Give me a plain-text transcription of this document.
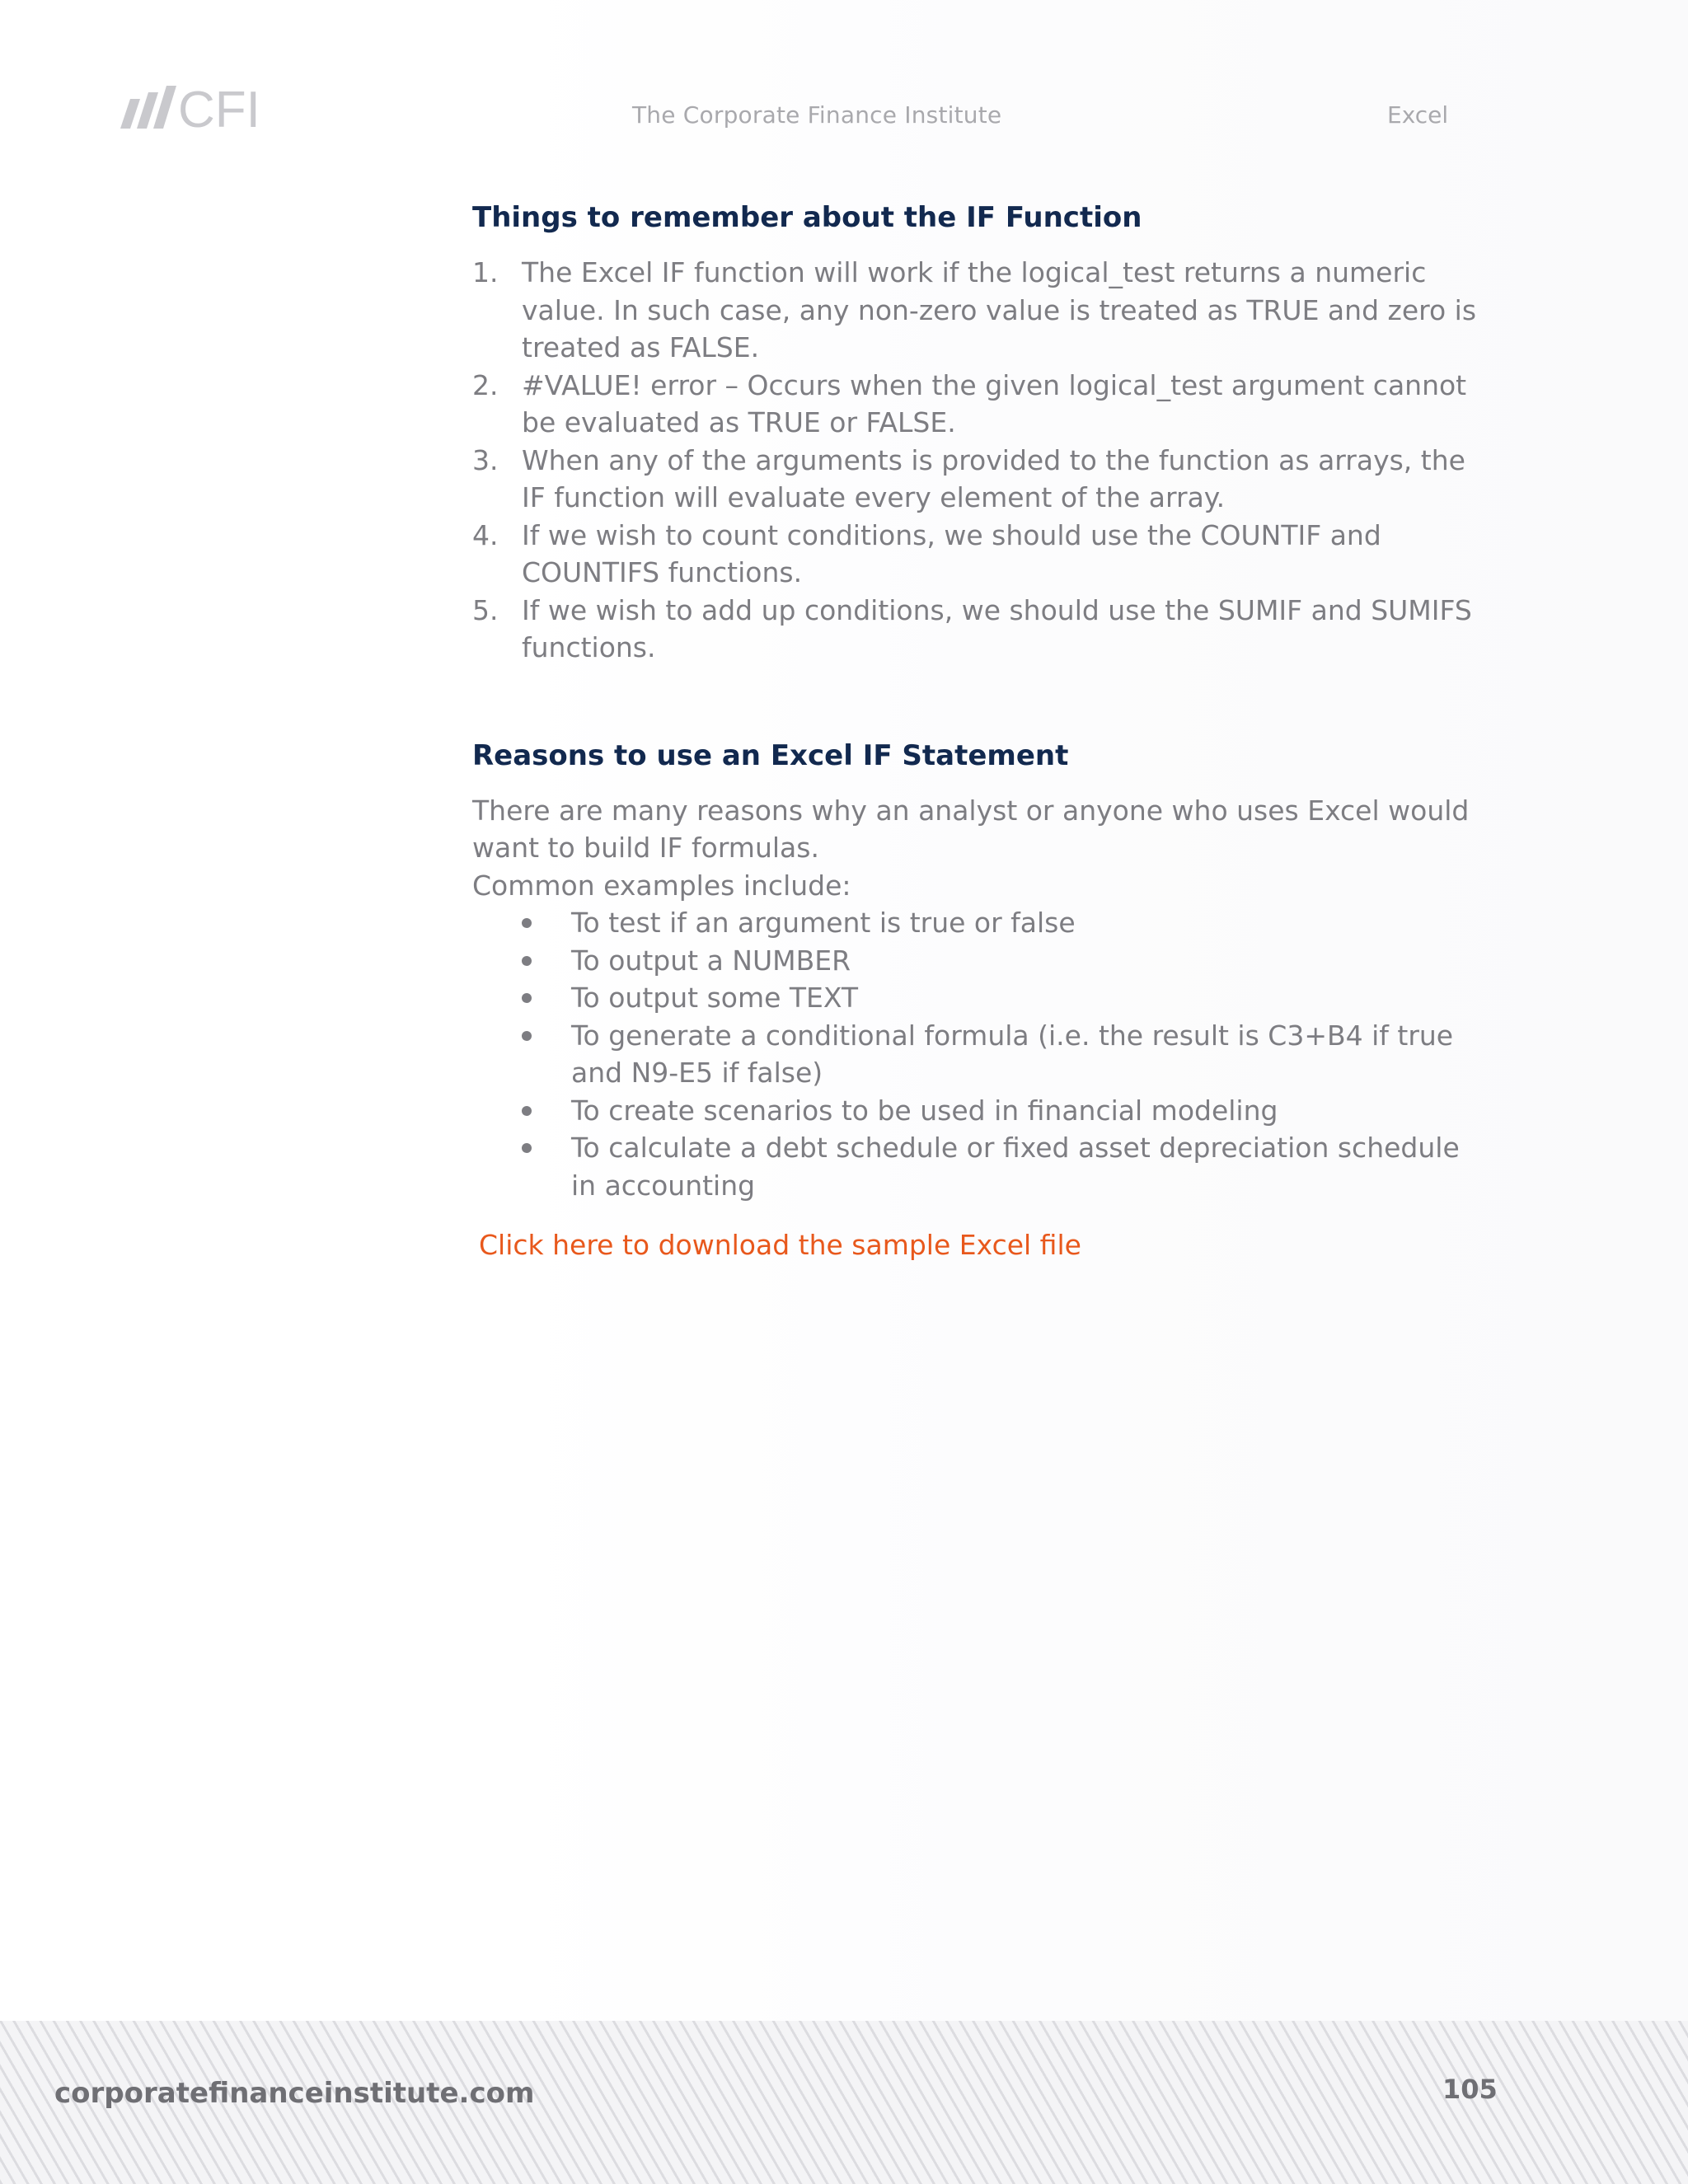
CFI	The Corporate Finance Institute	Excel
Things to remember about the IF Function
1. The Excel IF function will work if the logical_test returns a numeric value. In such case, any non-zero value is treated as TRUE and zero is treated as FALSE.
2. #VALUE! error – Occurs when the given logical_test argument cannot be evaluated as TRUE or FALSE.
3. When any of the arguments is provided to the function as arrays, the IF function will evaluate every element of the array.
4. If we wish to count conditions, we should use the COUNTIF and COUNTIFS functions.
5. If we wish to add up conditions, we should use the SUMIF and SUMIFS functions.
Reasons to use an Excel IF Statement

There are many reasons why an analyst or anyone who uses Excel would want to build IF formulas.

Common examples include:

To test if an argument is true or false
To output a NUMBER
To output some TEXT
To generate a conditional formula (i.e. the result is C3+B4 if true and N9-E5 if false)
To create scenarios to be used in financial modeling
To calculate a debt schedule or fixed asset depreciation schedule in accounting
Click here to download the sample Excel file
corporatefinanceinstitute.com	105
